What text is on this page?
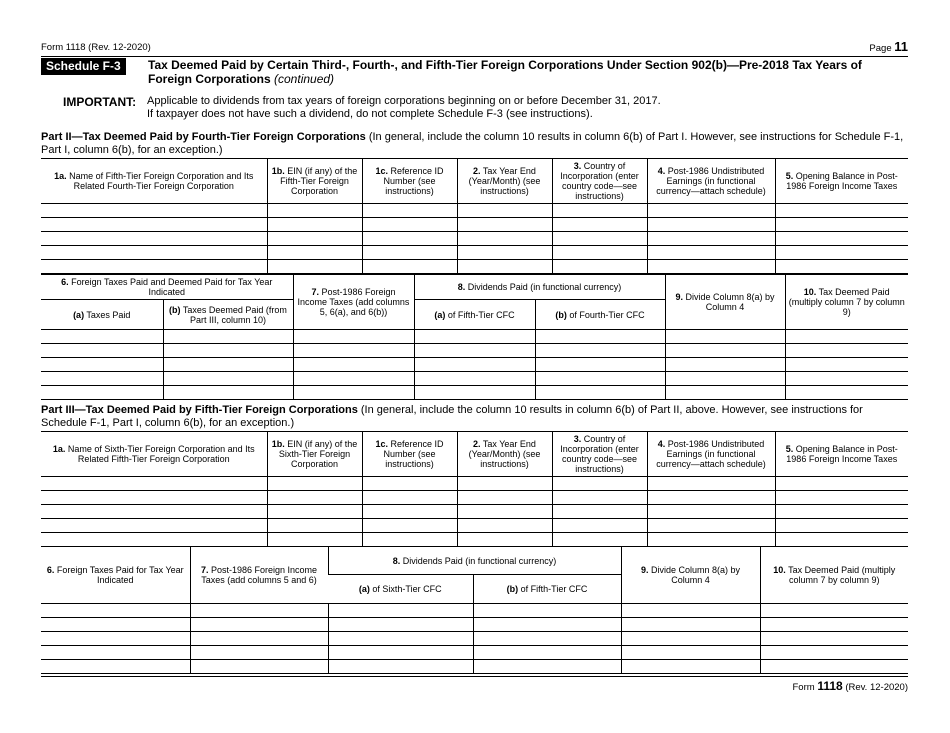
Form 1118 (Rev. 12-2020)	Page 11
Schedule F-3	Tax Deemed Paid by Certain Third-, Fourth-, and Fifth-Tier Foreign Corporations Under Section 902(b)—Pre-2018 Tax Years of Foreign Corporations (continued)
IMPORTANT: Applicable to dividends from tax years of foreign corporations beginning on or before December 31, 2017.
If taxpayer does not have such a dividend, do not complete Schedule F-3 (see instructions).
Part II—Tax Deemed Paid by Fourth-Tier Foreign Corporations (In general, include the column 10 results in column 6(b) of Part I. However, see instructions for Schedule F-1, Part I, column 6(b), for an exception.)
1a. Name of Fifth-Tier Foreign Corporation and Its Related Fourth-Tier Foreign Corporation	1b. EIN (if any) of the Fifth-Tier Foreign Corporation	1c. Reference ID Number (see instructions)	2. Tax Year End (Year/Month) (see instructions)	3. Country of Incorporation (enter country code—see instructions)	4. Post-1986 Undistributed Earnings (in functional currency—attach schedule)	5. Opening Balance in Post-1986 Foreign Income Taxes

6. Foreign Taxes Paid and Deemed Paid for Tax Year Indicated		7. Post-1986 Foreign Income Taxes (add columns 5, 6(a), and 6(b))	8. Dividends Paid (in functional currency)		9. Divide Column 8(a) by Column 4	10. Tax Deemed Paid (multiply column 7 by column 9)
(a) Taxes Paid	(b) Taxes Deemed Paid (from Part III, column 10)		(a) of Fifth-Tier CFC	(b) of Fourth-Tier CFC		

Part III—Tax Deemed Paid by Fifth-Tier Foreign Corporations (In general, include the column 10 results in column 6(b) of Part II, above. However, see instructions for Schedule F-1, Part I, column 6(b), for an exception.)
1a. Name of Sixth-Tier Foreign Corporation and Its Related Fifth-Tier Foreign Corporation	1b. EIN (if any) of the Sixth-Tier Foreign Corporation	1c. Reference ID Number (see instructions)	2. Tax Year End (Year/Month) (see instructions)	3. Country of Incorporation (enter country code—see instructions)	4. Post-1986 Undistributed Earnings (in functional currency—attach schedule)	5. Opening Balance in Post-1986 Foreign Income Taxes

6. Foreign Taxes Paid for Tax Year Indicated	7. Post-1986 Foreign Income Taxes (add columns 5 and 6)	8. Dividends Paid (in functional currency)		9. Divide Column 8(a) by Column 4	10. Tax Deemed Paid (multiply column 7 by column 9)
		(a) of Sixth-Tier CFC	(b) of Fifth-Tier CFC		

Form 1118 (Rev. 12-2020)
